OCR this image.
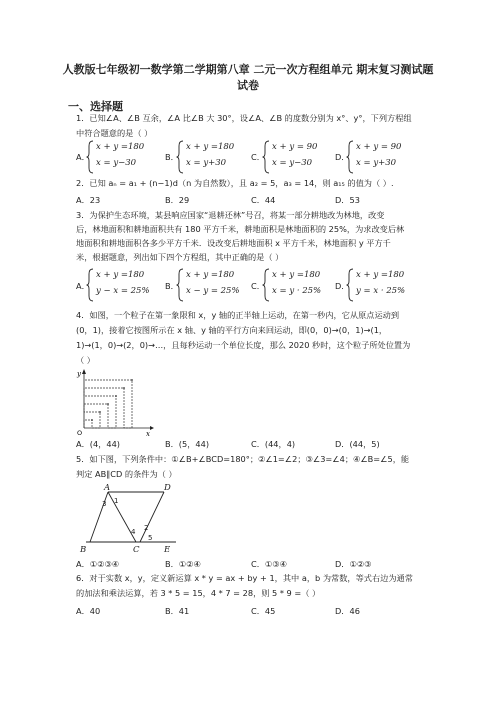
人教版七年级初一数学第二学期第八章 二元一次方程组单元 期末复习测试题
试卷
一、选择题
1．已知∠A、∠B 互余，∠A 比∠B 大 30°，设∠A、∠B 的度数分别为 x°、y°，下列方程组
中符合题意的是（ ）
A．
x + y =180
x = y−30
B．
x + y =180
x = y+30
C．
x + y = 90
x = y−30
D．
x + y = 90
x = y+30
2．已知 aₙ = a₁ + (n−1)d（n 为自然数），且 a₂ = 5，a₃ = 14，则 a₁₅ 的值为（ ）.
A．23	B．29	C．44	D．53
3．为保护生态环境，某县响应国家“退耕还林”号召，将某一部分耕地改为林地，改变
后，林地面积和耕地面积共有 180 平方千米，耕地面积是林地面积的 25%，为求改变后林
地面积和耕地面积各多少平方千米．设改变后耕地面积 x 平方千米，林地面积 y 平方千
米，根据题意，列出如下四个方程组，其中正确的是（ ）
A．
x + y =180
y − x = 25% B．
x + y =180
x − y = 25% C．
x + y =180
x = y · 25% D．
x + y =180
y = x · 25%
4．如图，一个粒子在第一象限和 x，y 轴的正半轴上运动，在第一秒内，它从原点运动到
(0，1)，接着它按图所示在 x 轴、y 轴的平行方向来回运动，即(0，0)→(0，1)→(1，
1)→(1，0)→(2，0)→…，且每秒运动一个单位长度，那么 2020 秒时，这个粒子所处位置为
（ ）
y
x
O
A．(4，44)	B．(5，44)	C．(44，4)	D．(44，5)
5．如下图，下列条件中：①∠B+∠BCD=180°；②∠1=∠2；③∠3=∠4；④∠B=∠5，能
判定 AB∥CD 的条件为（ ）
A	D
B	C	E
1
2
3
4
5
A．①②③④	B．①②④	C．①③④	D．①②③
6．对于实数 x，y，定义新运算 x * y = ax + by + 1，其中 a，b 为常数，等式右边为通常
的加法和乘法运算，若 3 * 5 = 15，4 * 7 = 28，则 5 * 9 =（ ）
A．40	B．41	C．45	D．46
